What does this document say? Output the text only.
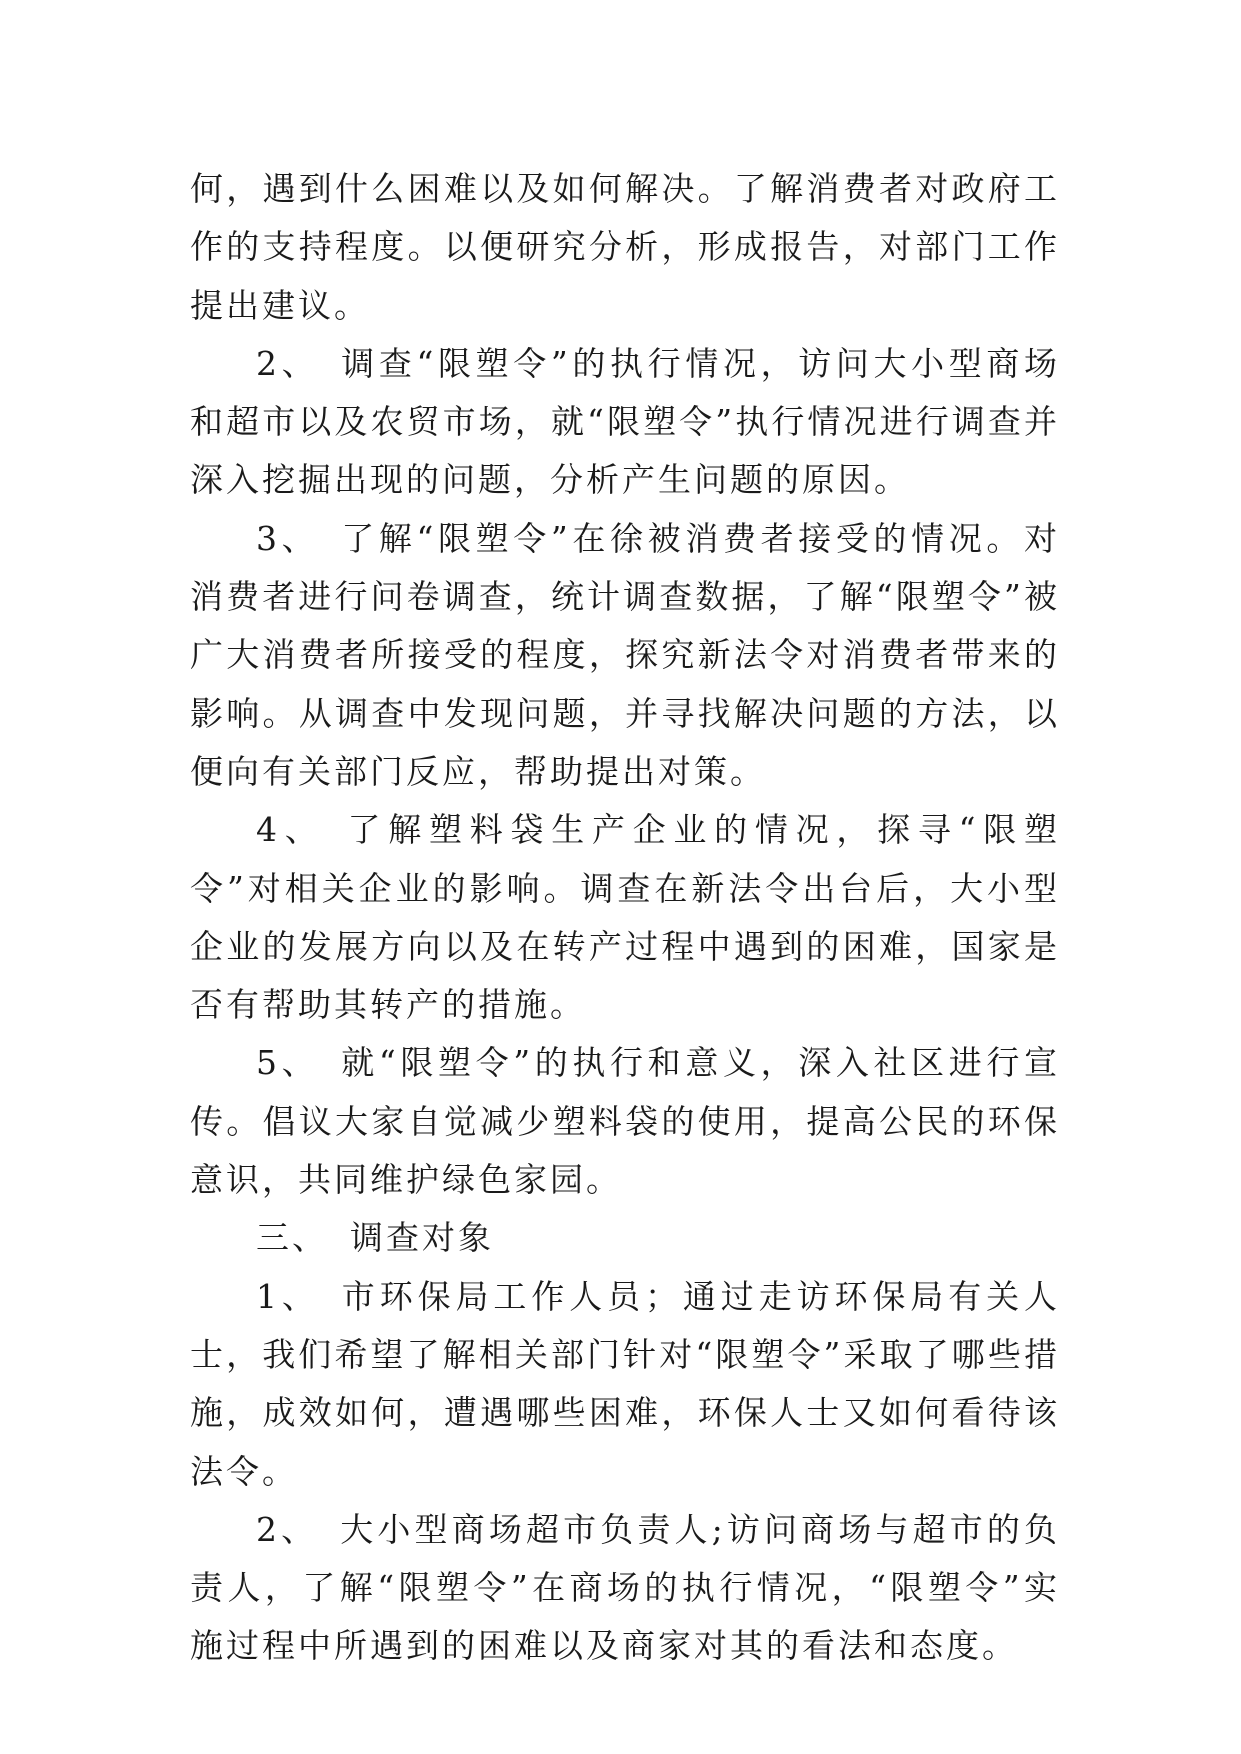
何，遇到什么困难以及如何解决。了解消费者对政府工作的支持程度。以便研究分析，形成报告，对部门工作提出建议。

2、 调查“限塑令”的执行情况，访问大小型商场和超市以及农贸市场，就“限塑令”执行情况进行调查并深入挖掘出现的问题，分析产生问题的原因。

3、 了解“限塑令”在徐被消费者接受的情况。对消费者进行问卷调查，统计调查数据，了解“限塑令”被广大消费者所接受的程度，探究新法令对消费者带来的影响。从调查中发现问题，并寻找解决问题的方法，以便向有关部门反应，帮助提出对策。

4、 了解塑料袋生产企业的情况，探寻“限塑令”对相关企业的影响。调查在新法令出台后，大小型企业的发展方向以及在转产过程中遇到的困难，国家是否有帮助其转产的措施。

5、 就“限塑令”的执行和意义，深入社区进行宣传。倡议大家自觉减少塑料袋的使用，提高公民的环保意识，共同维护绿色家园。

三、 调查对象

1、 市环保局工作人员；通过走访环保局有关人士，我们希望了解相关部门针对“限塑令”采取了哪些措施，成效如何，遭遇哪些困难，环保人士又如何看待该法令。

2、 大小型商场超市负责人;访问商场与超市的负责人，了解“限塑令”在商场的执行情况，“限塑令”实施过程中所遇到的困难以及商家对其的看法和态度。
